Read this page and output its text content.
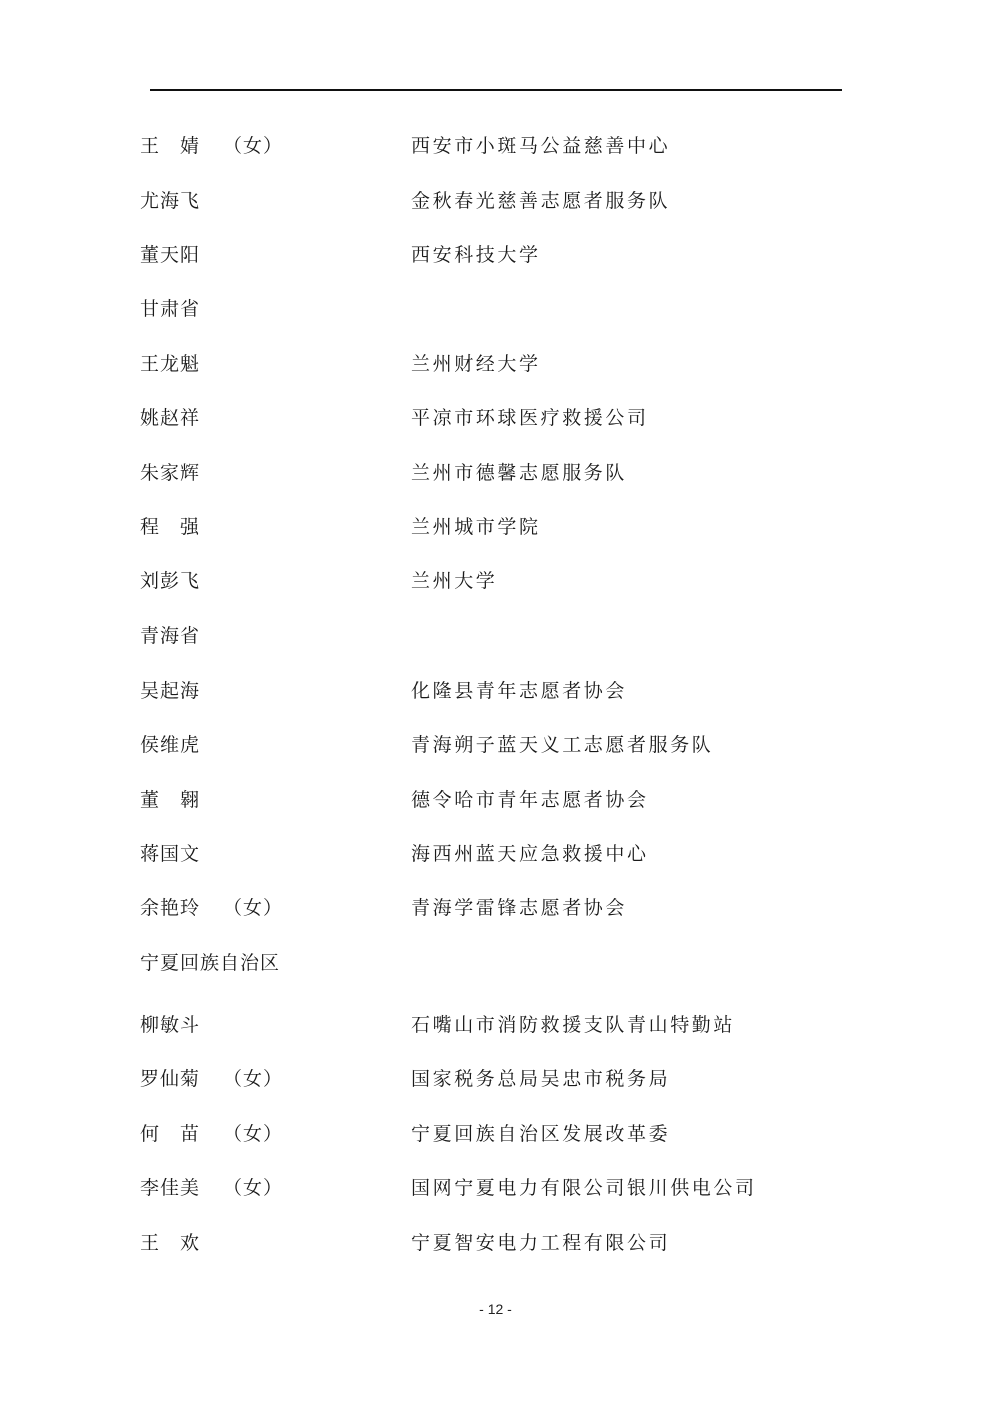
王　婧 （女）	西安市小斑马公益慈善中心
尤海飞	金秋春光慈善志愿者服务队
董天阳	西安科技大学
甘肃省
王龙魁	兰州财经大学
姚赵祥	平凉市环球医疗救援公司
朱家辉	兰州市德馨志愿服务队
程　强	兰州城市学院
刘彭飞	兰州大学
青海省
吴起海	化隆县青年志愿者协会
侯维虎	青海朔子蓝天义工志愿者服务队
董　翱	德令哈市青年志愿者协会
蒋国文	海西州蓝天应急救援中心
余艳玲 （女）	青海学雷锋志愿者协会
宁夏回族自治区
柳敏斗	石嘴山市消防救援支队青山特勤站
罗仙菊 （女）	国家税务总局吴忠市税务局
何　苗 （女）	宁夏回族自治区发展改革委
李佳美 （女）	国网宁夏电力有限公司银川供电公司
王　欢	宁夏智安电力工程有限公司
- 12 -
